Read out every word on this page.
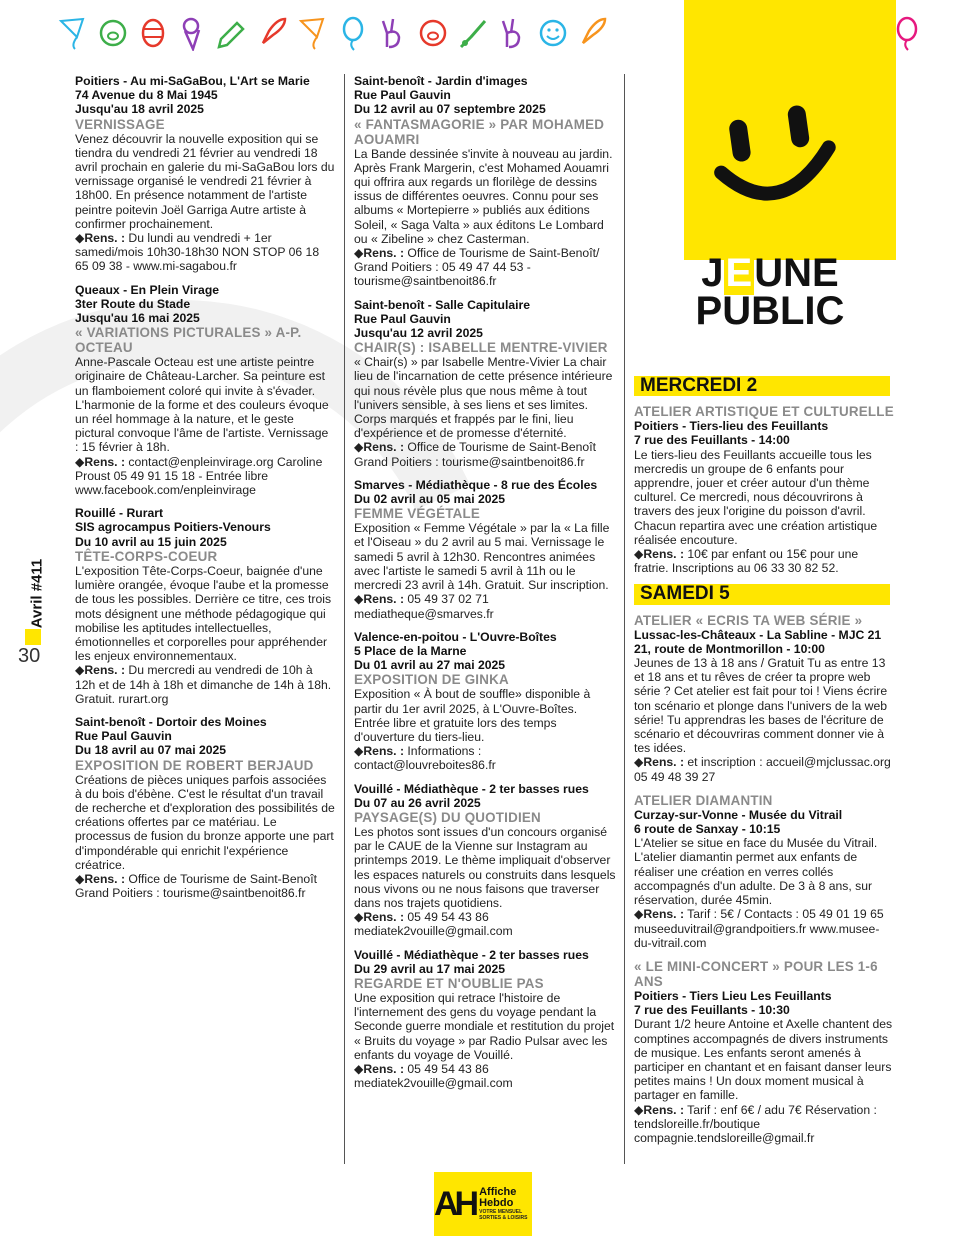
Avril #411
30
JEUNE
PUBLIC
Poitiers - Au mi-SaGaBou, L'Art se Marie
74 Avenue du 8 Mai 1945
Jusqu'au 18 avril 2025
VERNISSAGE
Venez découvrir la nouvelle exposition qui se tiendra du vendredi 21 février au vendredi 18 avril prochain en galerie du mi-SaGaBou lors du vernissage organisé le vendredi 21 février à 18h00. En présence notamment de l'artiste peintre poitevin Joël Garriga Autre artiste à confirmer prochainement.
◆Rens. : Du lundi au vendredi + 1er samedi/mois 10h30-18h30 NON STOP 06 18 65 09 38 - www.mi-sagabou.fr
Queaux - En Plein Virage
3ter Route du Stade
Jusqu'au 16 mai 2025
« VARIATIONS PICTURALES » A-P. OCTEAU
Anne-Pascale Octeau est une artiste peintre originaire de Château-Larcher. Sa peinture est un flamboiement coloré qui invite à s'évader. L'harmonie de la forme et des couleurs évoque un réel hommage à la nature, et le geste pictural convoque l'âme de l'artiste. Vernissage : 15 février à 18h.
◆Rens. : contact@enpleinvirage.org Caroline Proust 05 49 91 15 18 - Entrée libre www.facebook.com/enpleinvirage
Rouillé - Rurart
SIS agrocampus Poitiers-Venours
Du 10 avril au 15 juin 2025
TÊTE-CORPS-COEUR
L'exposition Tête-Corps-Coeur, baignée d'une lumière orangée, évoque l'aube et la promesse de tous les possibles. Derrière ce titre, ces trois mots désignent une méthode pédagogique qui mobilise les aptitudes intellectuelles, émotionnelles et corporelles pour appréhender les enjeux environnementaux.
◆Rens. : Du mercredi au vendredi de 10h à 12h et de 14h à 18h et dimanche de 14h à 18h. Gratuit. rurart.org
Saint-benoît - Dortoir des Moines
Rue Paul Gauvin
Du 18 avril au 07 mai 2025
EXPOSITION DE ROBERT BERJAUD
Créations de pièces uniques parfois associées à du bois d'ébène. C'est le résultat d'un travail de recherche et d'exploration des possibilités de créations offertes par ce matériau. Le processus de fusion du bronze apporte une part d'impondérable qui enrichit l'expérience créatrice.
◆Rens. : Office de Tourisme de Saint-Benoît Grand Poitiers : tourisme@saintbenoit86.fr
Saint-benoît - Jardin d'images
Rue Paul Gauvin
Du 12 avril au 07 septembre 2025
« FANTASMAGORIE » PAR MOHAMED AOUAMRI
La Bande dessinée s'invite à nouveau au jardin. Après Frank Margerin, c'est Mohamed Aouamri qui offrira aux regards un florilège de dessins issus de différentes oeuvres. Connu pour ses albums « Mortepierre » publiés aux éditions Soleil, « Saga Valta » aux éditons Le Lombard ou « Zibeline » chez Casterman.
◆Rens. : Office de Tourisme de Saint-Benoît/ Grand Poitiers : 05 49 47 44 53 - tourisme@saintbenoit86.fr
Saint-benoît - Salle Capitulaire
Rue Paul Gauvin
Jusqu'au 12 avril 2025
CHAIR(S) : ISABELLE MENTRE-VIVIER
« Chair(s) » par Isabelle Mentre-Vivier La chair lieu de l'incarnation de cette présence intérieure qui nous révèle plus que nous même à tout l'univers sensible, à ses liens et ses limites. Corps marqués et frappés par le fini, lieu d'expérience et de promesse d'éternité.
◆Rens. : Office de Tourisme de Saint-Benoît Grand Poitiers : tourisme@saintbenoit86.fr
Smarves - Médiathèque - 8 rue des Écoles
Du 02 avril au 05 mai 2025
FEMME VÉGÉTALE
Exposition « Femme Végétale » par la « La fille et l'Oiseau » du 2 avril au 5 mai. Vernissage le samedi 5 avril à 12h30. Rencontres animées avec l'artiste le samedi 5 avril à 11h ou le mercredi 23 avril à 14h. Gratuit. Sur inscription.
◆Rens. : 05 49 37 02 71 mediatheque@smarves.fr
Valence-en-poitou - L'Ouvre-Boîtes
5 Place de la Marne
Du 01 avril au 27 mai 2025
EXPOSITION DE GINKA
Exposition « À bout de souffle» disponible à partir du 1er avril 2025, à L'Ouvre-Boîtes. Entrée libre et gratuite lors des temps d'ouverture du tiers-lieu.
◆Rens. : Informations : contact@louvreboites86.fr
Vouillé - Médiathèque - 2 ter basses rues
Du 07 au 26 avril 2025
PAYSAGE(S) DU QUOTIDIEN
Les photos sont issues d'un concours organisé par le CAUE de la Vienne sur Instagram au printemps 2019. Le thème impliquait d'observer les espaces naturels ou construits dans lesquels nous vivons ou ne nous faisons que traverser dans nos trajets quotidiens.
◆Rens. : 05 49 54 43 86 mediatek2vouille@gmail.com
Vouillé - Médiathèque - 2 ter basses rues
Du 29 avril au 17 mai 2025
REGARDE ET N'OUBLIE PAS
Une exposition qui retrace l'histoire de l'internement des gens du voyage pendant la Seconde guerre mondiale et restitution du projet « Bruits du voyage » par Radio Pulsar avec les enfants du voyage de Vouillé.
◆Rens. : 05 49 54 43 86 mediatek2vouille@gmail.com
MERCREDI 2
ATELIER ARTISTIQUE ET CULTURELLE
Poitiers - Tiers-lieu des Feuillants
7 rue des Feuillants - 14:00
Le tiers-lieu des Feuillants accueille tous les mercredis un groupe de 6 enfants pour apprendre, jouer et créer autour d'un thème culturel. Ce mercredi, nous découvrirons à travers des jeux l'origine du poisson d'avril. Chacun repartira avec une création artistique réalisée encouture.
◆Rens. : 10€ par enfant ou 15€ pour une fratrie. Inscriptions au 06 33 30 82 52.
SAMEDI 5
ATELIER « ECRIS TA WEB SÉRIE »
Lussac-les-Châteaux - La Sabline - MJC 21
21, route de Montmorillon - 10:00
Jeunes de 13 à 18 ans / Gratuit Tu as entre 13 et 18 ans et tu rêves de créer ta propre web série ? Cet atelier est fait pour toi ! Viens écrire ton scénario et plonge dans l'univers de la web série! Tu apprendras les bases de l'écriture de scénario et découvriras comment donner vie à tes idées.
◆Rens. : et inscription : accueil@mjclussac.org 05 49 48 39 27
ATELIER DIAMANTIN
Curzay-sur-Vonne - Musée du Vitrail
6 route de Sanxay - 10:15
L'Atelier se situe en face du Musée du Vitrail. L'atelier diamantin permet aux enfants de réaliser une création en verres collés accompagnés d'un adulte. De 3 à 8 ans, sur réservation, durée 45min.
◆Rens. : Tarif : 5€ / Contacts : 05 49 01 19 65 museeduvitrail@grandpoitiers.fr www.musee-du-vitrail.com
« LE MINI-CONCERT » POUR LES 1-6 ANS
Poitiers - Tiers Lieu Les Feuillants
7 rue des Feuillants - 10:30
Durant 1/2 heure Antoine et Axelle chantent des comptines accompagnés de divers instruments de musique. Les enfants seront amenés à participer en chantant et en faisant danser leurs petites mains ! Un doux moment musical à partager en famille.
◆Rens. : Tarif : enf 6€ / adu 7€ Réservation : tendsloreille.fr/boutique compagnie.tendsloreille@gmail.fr
AH Affiche
Hebdo
VOTRE MENSUEL SORTIES & LOISIRS
